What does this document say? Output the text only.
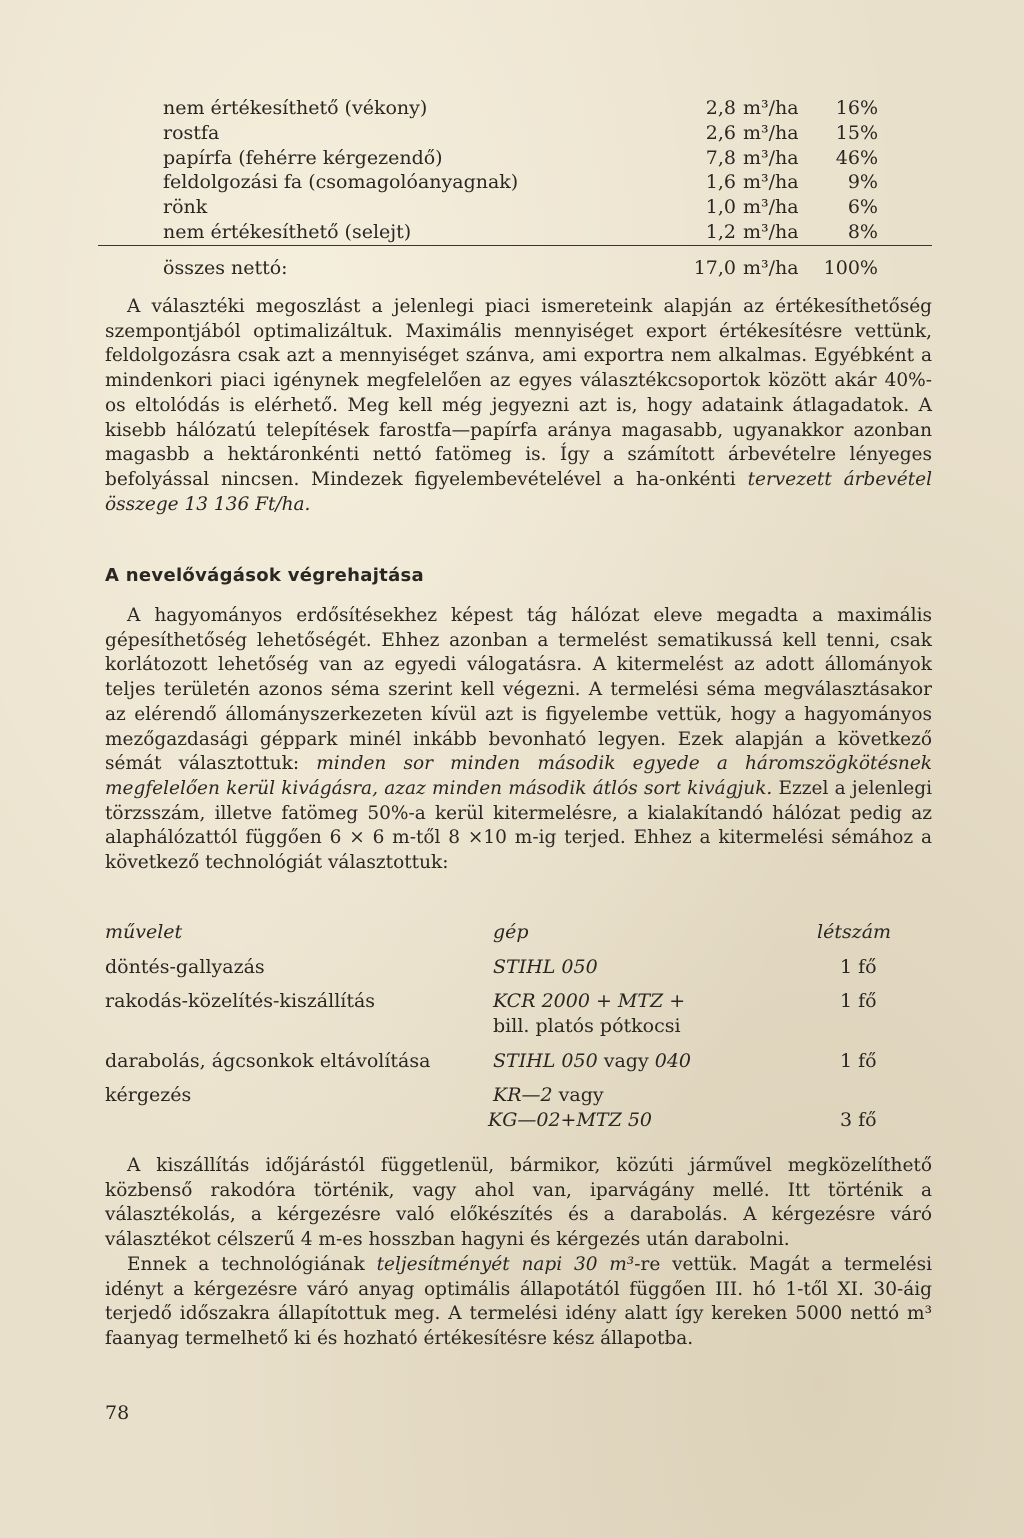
nem értékesíthető (vékony)	2,8 m³/ha	16%
rostfa	2,6 m³/ha	15%
papírfa (fehérre kérgezendő)	7,8 m³/ha	46%
feldolgozási fa (csomagolóanyagnak)	1,6 m³/ha	9%
rönk	1,0 m³/ha	6%
nem értékesíthető (selejt)	1,2 m³/ha	8%
összes nettó:	17,0 m³/ha	100%

A választéki megoszlást a jelenlegi piaci ismereteink alapján az értékesíthetőség szempontjából optimalizáltuk. Maximális mennyiséget export értékesítésre vettünk, feldolgozásra csak azt a mennyiséget szánva, ami exportra nem alkalmas. Egyébként a mindenkori piaci igénynek megfelelően az egyes választékcsoportok között akár 40%-os eltolódás is elérhető. Meg kell még jegyezni azt is, hogy adataink átlagadatok. A kisebb hálózatú telepítések farostfa—papírfa aránya magasabb, ugyanakkor azonban magasbb a hektáronkénti nettó fatömeg is. Így a számított árbevételre lényeges befolyással nincsen. Mindezek figyelembevételével a ha-onkénti tervezett árbevétel összege 13 136 Ft/ha.

A nevelővágások végrehajtása

A hagyományos erdősítésekhez képest tág hálózat eleve megadta a maximális gépesíthetőség lehetőségét. Ehhez azonban a termelést sematikussá kell tenni, csak korlátozott lehetőség van az egyedi válogatásra. A kitermelést az adott állományok teljes területén azonos séma szerint kell végezni. A termelési séma megválasztásakor az elérendő állományszerkezeten kívül azt is figyelembe vettük, hogy a hagyományos mezőgazdasági géppark minél inkább bevonható legyen. Ezek alapján a következő sémát választottuk: minden sor minden második egyede a háromszögkötésnek megfelelően kerül kivágásra, azaz minden második átlós sort kivágjuk. Ezzel a jelenlegi törzsszám, illetve fatömeg 50%-a kerül kitermelésre, a kialakítandó hálózat pedig az alaphálózattól függően 6 × 6 m-től 8 ×10 m-ig terjed. Ehhez a kitermelési sémához a következő technológiát választottuk:

művelet	gép	létszám
döntés-gallyazás	STIHL 050	1 fő
rakodás-közelítés-kiszállítás	KCR 2000 + MTZ +	1 fő
bill. platós pótkocsi
darabolás, ágcsonkok eltávolítása	STIHL 050 vagy 040	1 fő
kérgezés	KR—2 vagy
KG—02+MTZ 50	3 fő

A kiszállítás időjárástól függetlenül, bármikor, közúti járművel megközelíthető közbenső rakodóra történik, vagy ahol van, iparvágány mellé. Itt történik a választékolás, a kérgezésre való előkészítés és a darabolás. A kérgezésre váró választékot célszerű 4 m-es hosszban hagyni és kérgezés után darabolni.

Ennek a technológiának teljesítményét napi 30 m³-re vettük. Magát a termelési idényt a kérgezésre váró anyag optimális állapotától függően III. hó 1-től XI. 30-áig terjedő időszakra állapítottuk meg. A termelési idény alatt így kereken 5000 nettó m³ faanyag termelhető ki és hozható értékesítésre kész állapotba.

78
